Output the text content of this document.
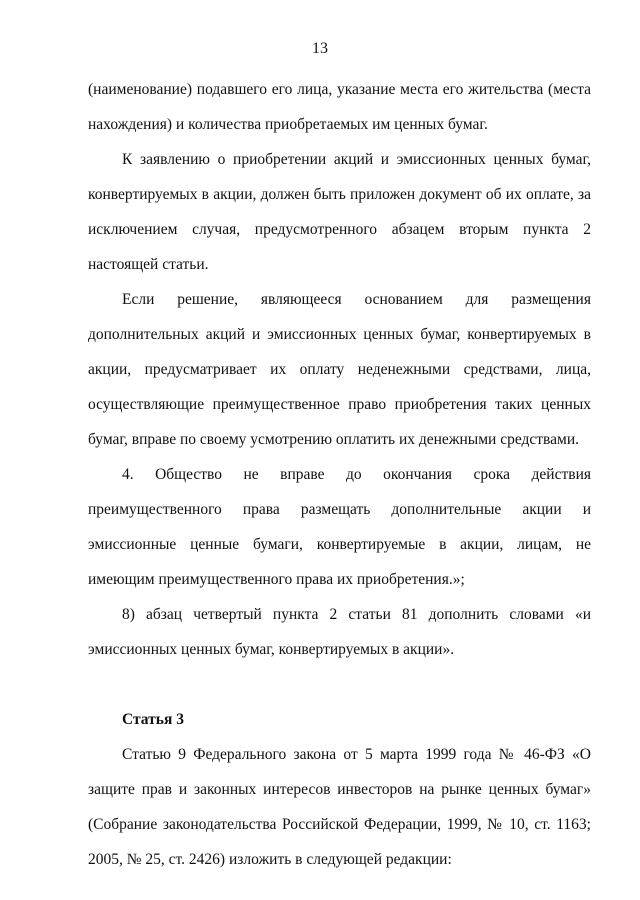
13

(наименование) подавшего его лица, указание места его жительства (места нахождения) и количества приобретаемых им ценных бумаг.

К заявлению о приобретении акций и эмиссионных ценных бумаг, конвертируемых в акции, должен быть приложен документ об их оплате, за исключением случая, предусмотренного абзацем вторым пункта 2 настоящей статьи.

Если решение, являющееся основанием для размещения дополнительных акций и эмиссионных ценных бумаг, конвертируемых в акции, предусматривает их оплату неденежными средствами, лица, осуществляющие преимущественное право приобретения таких ценных бумаг, вправе по своему усмотрению оплатить их денежными средствами.

4. Общество не вправе до окончания срока действия преимущественного права размещать дополнительные акции и эмиссионные ценные бумаги, конвертируемые в акции, лицам, не имеющим преимущественного права их приобретения.»;

8) абзац четвертый пункта 2 статьи 81 дополнить словами «и эмиссионных ценных бумаг, конвертируемых в акции».

Статья 3

Статью 9 Федерального закона от 5 марта 1999 года № 46-ФЗ «О защите прав и законных интересов инвесторов на рынке ценных бумаг» (Собрание законодательства Российской Федерации, 1999, № 10, ст. 1163; 2005, № 25, ст. 2426) изложить в следующей редакции:
